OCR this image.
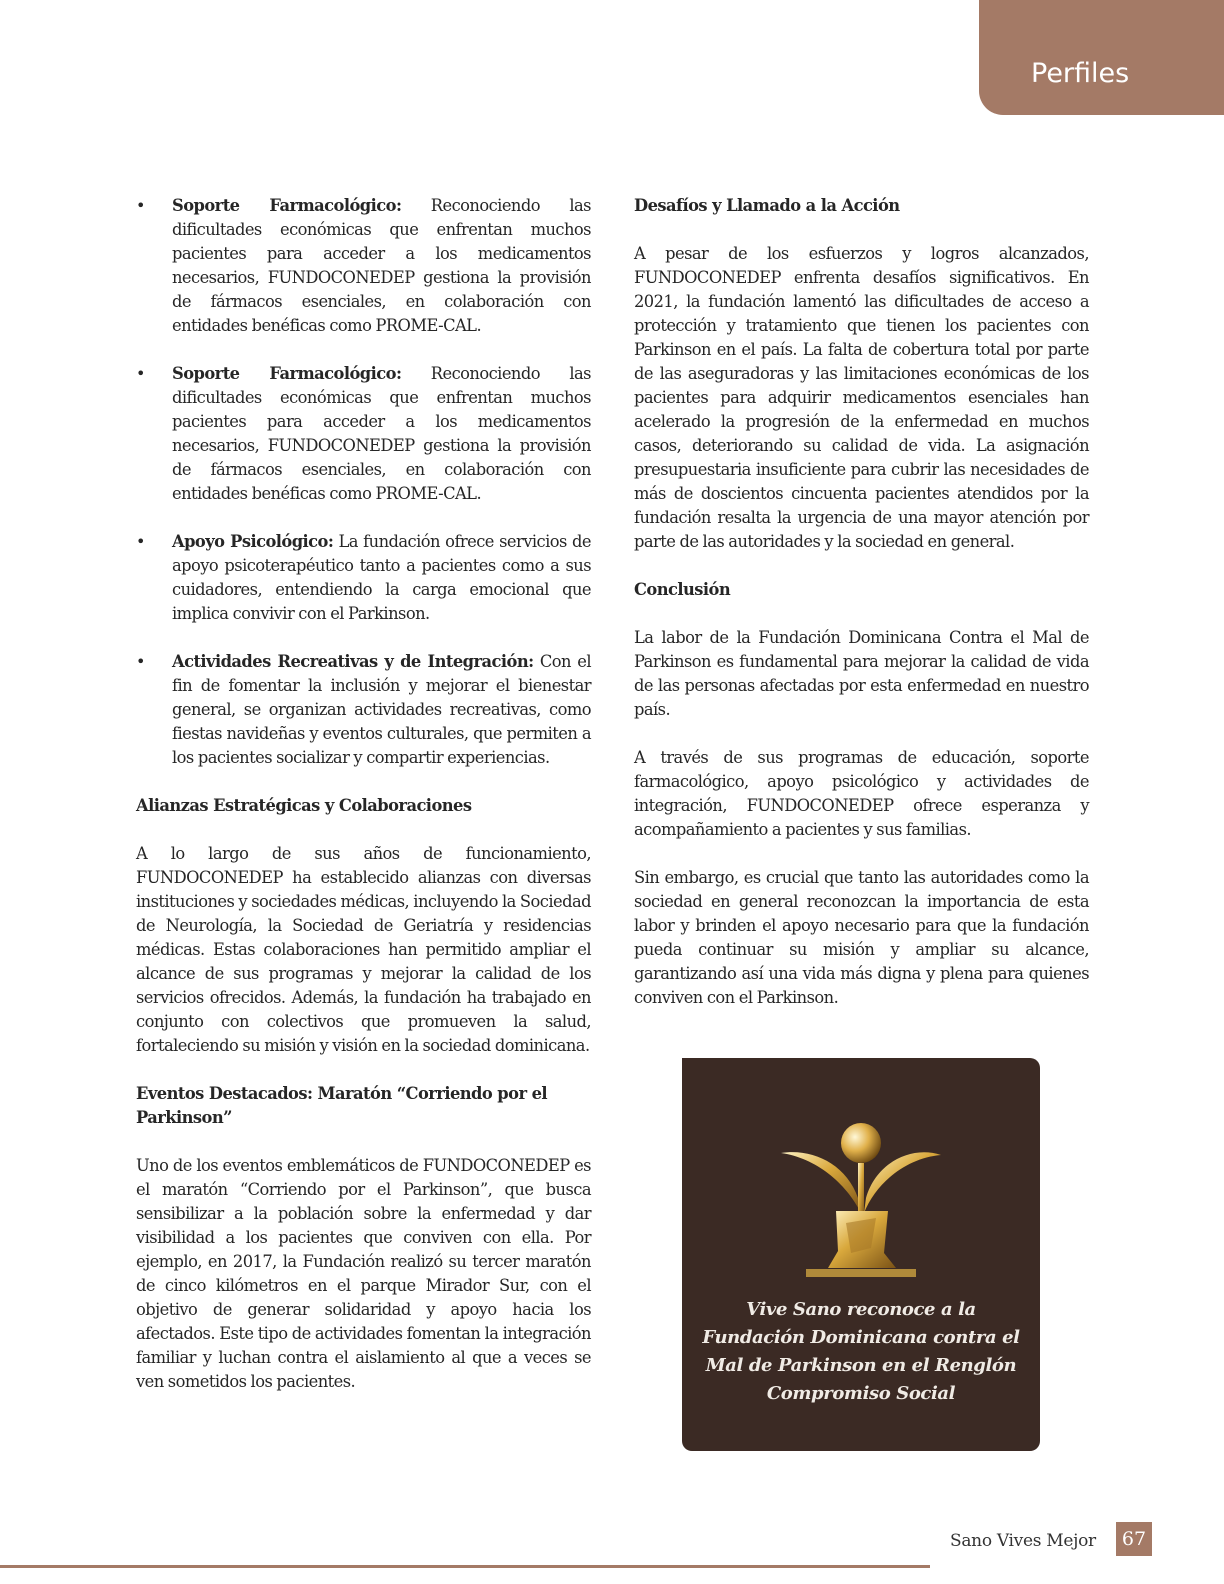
Perfiles
• Soporte Farmacológico: Reconociendo las dificultades económicas que enfrentan muchos pacientes para acceder a los medicamentos necesarios, FUNDOCONEDEP gestiona la provisión de fármacos esenciales, en colaboración con entidades benéficas como PROME-CAL.
• Soporte Farmacológico: Reconociendo las dificultades económicas que enfrentan muchos pacientes para acceder a los medicamentos necesarios, FUNDOCONEDEP gestiona la provisión de fármacos esenciales, en colaboración con entidades benéficas como PROME-CAL.
• Apoyo Psicológico: La fundación ofrece servicios de apoyo psicoterapéutico tanto a pacientes como a sus cuidadores, entendiendo la carga emocional que implica convivir con el Parkinson.
• Actividades Recreativas y de Integración: Con el fin de fomentar la inclusión y mejorar el bienestar general, se organizan actividades recreativas, como fiestas navideñas y eventos culturales, que permiten a los pacientes socializar y compartir experiencias.
Alianzas Estratégicas y Colaboraciones

A lo largo de sus años de funcionamiento, FUNDOCONEDEP ha establecido alianzas con diversas instituciones y sociedades médicas, incluyendo la Sociedad de Neurología, la Sociedad de Geriatría y residencias médicas. Estas colaboraciones han permitido ampliar el alcance de sus programas y mejorar la calidad de los servicios ofrecidos. Además, la fundación ha trabajado en conjunto con colectivos que promueven la salud, fortaleciendo su misión y visión en la sociedad dominicana.

Eventos Destacados: Maratón “Corriendo por el Parkinson”

Uno de los eventos emblemáticos de FUNDOCONEDEP es el maratón “Corriendo por el Parkinson”, que busca sensibilizar a la población sobre la enfermedad y dar visibilidad a los pacientes que conviven con ella. Por ejemplo, en 2017, la Fundación realizó su tercer maratón de cinco kilómetros en el parque Mirador Sur, con el objetivo de generar solidaridad y apoyo hacia los afectados. Este tipo de actividades fomentan la integración familiar y luchan contra el aislamiento al que a veces se ven sometidos los pacientes.

Desafíos y Llamado a la Acción

A pesar de los esfuerzos y logros alcanzados, FUNDOCONEDEP enfrenta desafíos significativos. En 2021, la fundación lamentó las dificultades de acceso a protección y tratamiento que tienen los pacientes con Parkinson en el país. La falta de cobertura total por parte de las aseguradoras y las limitaciones económicas de los pacientes para adquirir medicamentos esenciales han acelerado la progresión de la enfermedad en muchos casos, deteriorando su calidad de vida. La asignación presupuestaria insuficiente para cubrir las necesidades de más de doscientos cincuenta pacientes atendidos por la fundación resalta la urgencia de una mayor atención por parte de las autoridades y la sociedad en general.

Conclusión

La labor de la Fundación Dominicana Contra el Mal de Parkinson es fundamental para mejorar la calidad de vida de las personas afectadas por esta enfermedad en nuestro país.

A través de sus programas de educación, soporte farmacológico, apoyo psicológico y actividades de integración, FUNDOCONEDEP ofrece esperanza y acompañamiento a pacientes y sus familias.

Sin embargo, es crucial que tanto las autoridades como la sociedad en general reconozcan la importancia de esta labor y brinden el apoyo necesario para que la fundación pueda continuar su misión y ampliar su alcance, garantizando así una vida más digna y plena para quienes conviven con el Parkinson.

Vive Sano reconoce a la Fundación Dominicana contra el Mal de Parkinson en el Renglón Compromiso Social
Sano Vives Mejor	67
